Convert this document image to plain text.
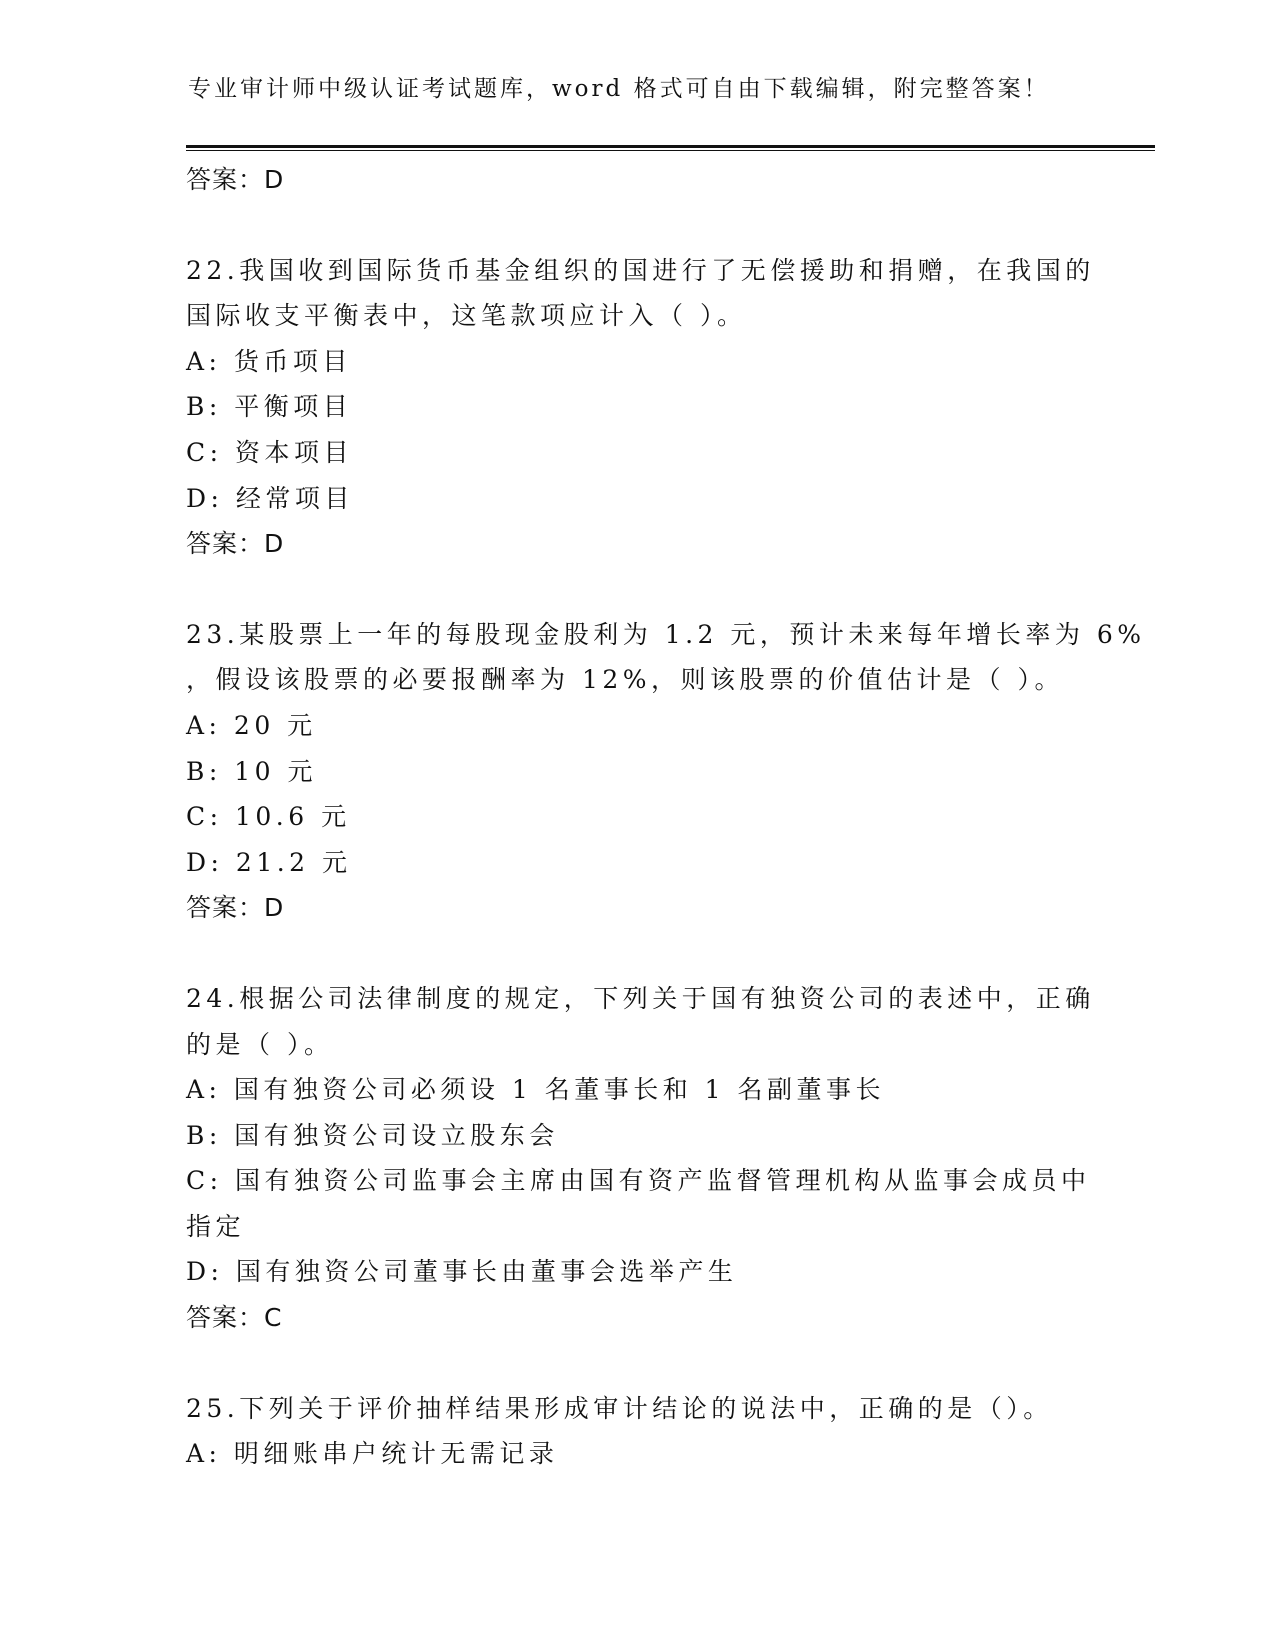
专业审计师中级认证考试题库，word 格式可自由下载编辑，附完整答案！
答案：D
22.我国收到国际货币基金组织的国进行了无偿援助和捐赠，在我国的
国际收支平衡表中，这笔款项应计入（ ）。
A: 货币项目
B: 平衡项目
C: 资本项目
D: 经常项目
答案：D
23.某股票上一年的每股现金股利为 1.2 元，预计未来每年增长率为 6%
，假设该股票的必要报酬率为 12%，则该股票的价值估计是（ ）。
A: 20 元
B: 10 元
C: 10.6 元
D: 21.2 元
答案：D
24.根据公司法律制度的规定，下列关于国有独资公司的表述中，正确
的是（ ）。
A: 国有独资公司必须设 1 名董事长和 1 名副董事长
B: 国有独资公司设立股东会
C: 国有独资公司监事会主席由国有资产监督管理机构从监事会成员中
指定
D: 国有独资公司董事长由董事会选举产生
答案：C
25.下列关于评价抽样结果形成审计结论的说法中，正确的是（）。
A: 明细账串户统计无需记录
